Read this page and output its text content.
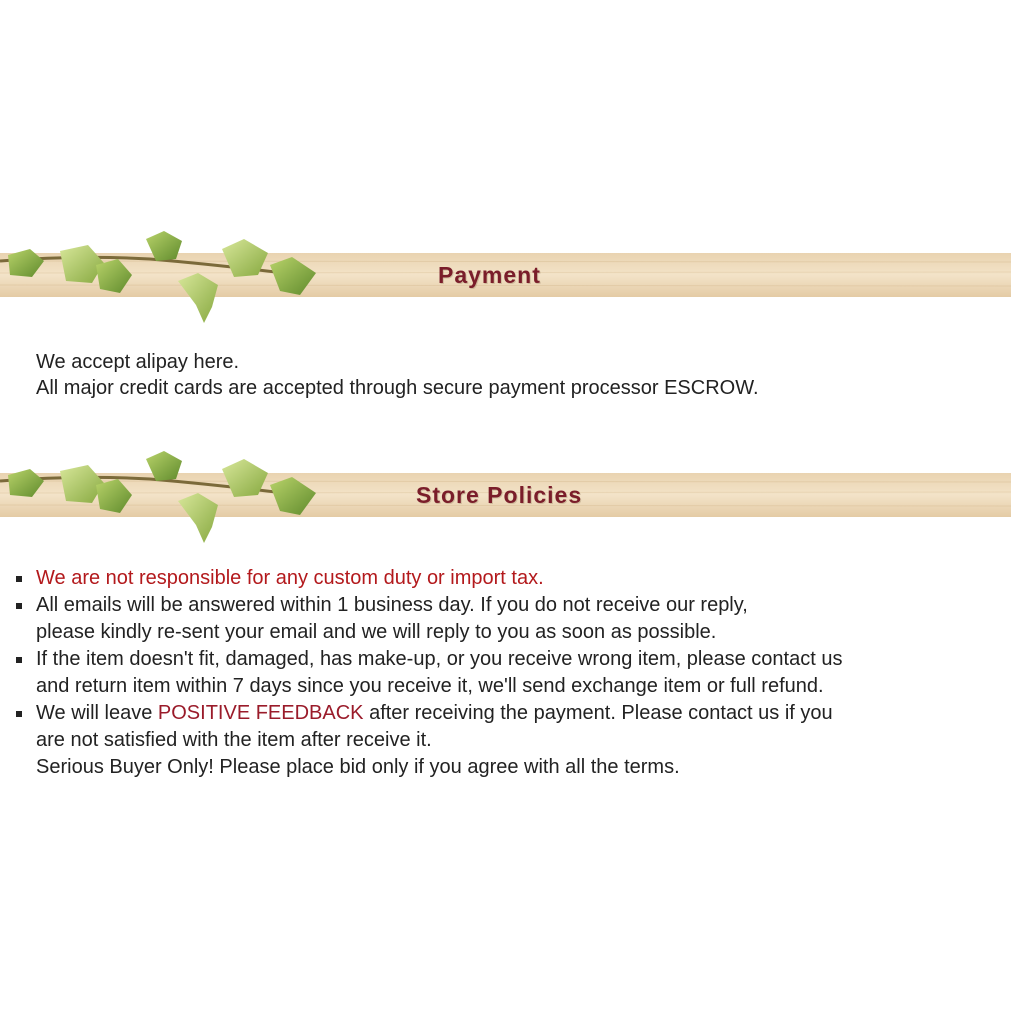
Payment
We accept alipay here.
All major credit cards are accepted through secure payment processor ESCROW.
Store Policies
We are not responsible for any custom duty or import tax.
All emails will be answered within 1 business day. If you do not receive our reply,
please kindly re-sent your email and we will reply to you as soon as possible.
If the item doesn't fit, damaged, has make-up, or you receive wrong item, please contact us
and return item within 7 days since you receive it, we'll send exchange item or full refund.
We will leave POSITIVE FEEDBACK after receiving the payment. Please contact us if you
are not satisfied with the item after receive it.
Serious Buyer Only! Please place bid only if you agree with all the terms.
